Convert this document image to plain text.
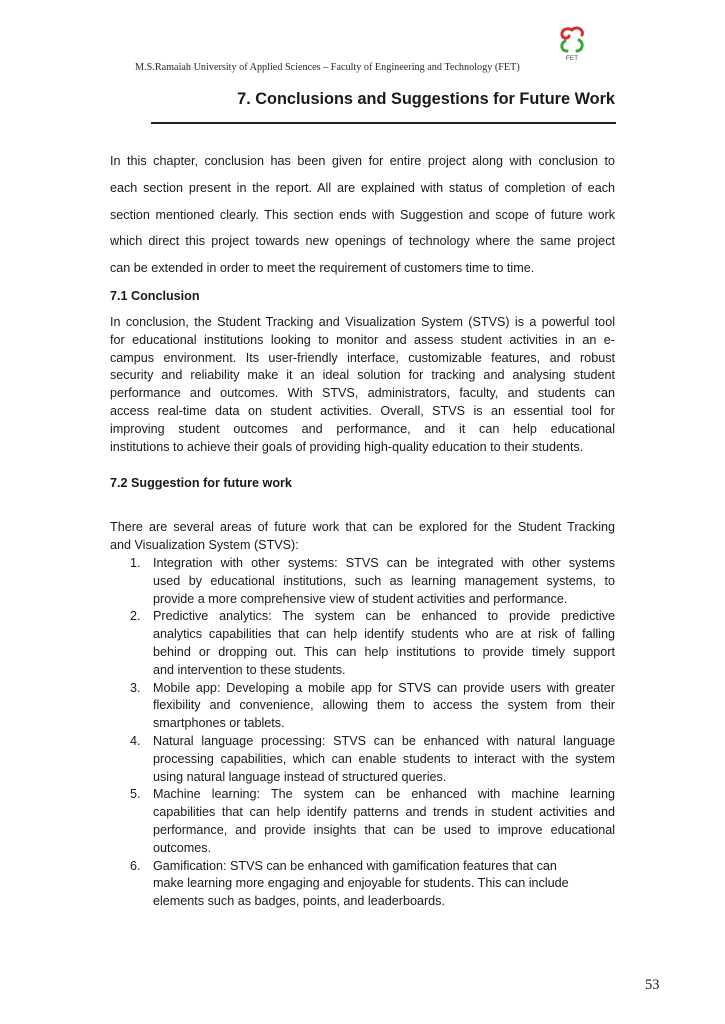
M.S.Ramaiah University of Applied Sciences – Faculty of Engineering and Technology (FET)
FET
7. Conclusions and Suggestions for Future Work
In this chapter, conclusion has been given for entire project along with conclusion to
each section present in the report. All are explained with status of completion of each
section mentioned clearly. This section ends with Suggestion and scope of future work
which direct this project towards new openings of technology where the same project
can be extended in order to meet the requirement of customers time to time.
7.1 Conclusion
In conclusion, the Student Tracking and Visualization System (STVS) is a powerful tool
for educational institutions looking to monitor and assess student activities in an e-
campus environment. Its user-friendly interface, customizable features, and robust
security and reliability make it an ideal solution for tracking and analysing student
performance and outcomes. With STVS, administrators, faculty, and students can
access real-time data on student activities. Overall, STVS is an essential tool for
improving student outcomes and performance, and it can help educational
institutions to achieve their goals of providing high-quality education to their students.
7.2 Suggestion for future work
There are several areas of future work that can be explored for the Student Tracking
and Visualization System (STVS):
1. Integration with other systems: STVS can be integrated with other systems
used by educational institutions, such as learning management systems, to
provide a more comprehensive view of student activities and performance.
2. Predictive analytics: The system can be enhanced to provide predictive
analytics capabilities that can help identify students who are at risk of falling
behind or dropping out. This can help institutions to provide timely support
and intervention to these students.
3. Mobile app: Developing a mobile app for STVS can provide users with greater
flexibility and convenience, allowing them to access the system from their
smartphones or tablets.
4. Natural language processing: STVS can be enhanced with natural language
processing capabilities, which can enable students to interact with the system
using natural language instead of structured queries.
5. Machine learning: The system can be enhanced with machine learning
capabilities that can help identify patterns and trends in student activities and
performance, and provide insights that can be used to improve educational
outcomes.
6. Gamification: STVS can be enhanced with gamification features that can
make learning more engaging and enjoyable for students. This can include
elements such as badges, points, and leaderboards.
53
